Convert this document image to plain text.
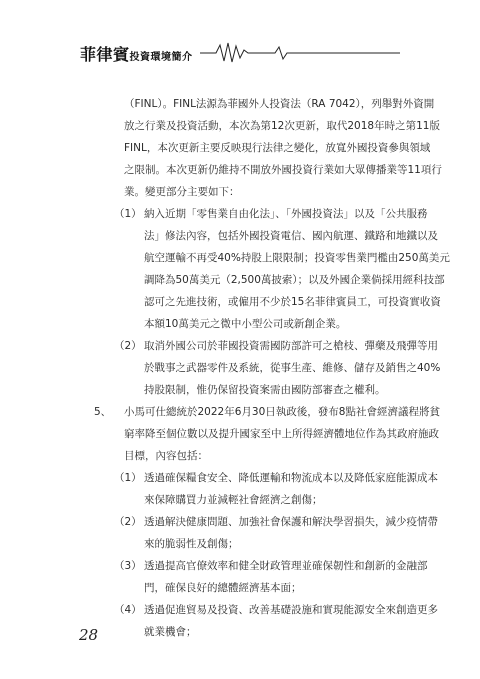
菲律賓投資環境簡介
（FINL）。FINL法源為菲國外人投資法（RA 7042），列舉對外資開
放之行業及投資活動，本次為第12次更新，取代2018年時之第11版
FINL，本次更新主要反映現行法律之變化，放寬外國投資參與領域
之限制。本次更新仍維持不開放外國投資行業如大眾傳播業等11項行
業。變更部分主要如下：
（1） 納入近期「零售業自由化法」、「外國投資法」以及「公共服務
法」修法內容，包括外國投資電信、國內航運、鐵路和地鐵以及
航空運輸不再受40%持股上限限制；投資零售業門檻由250萬美元
調降為50萬美元（2,500萬披索）；以及外國企業倘採用經科技部
認可之先進技術，或僱用不少於15名菲律賓員工，可投資實收資
本額10萬美元之微中小型公司或新創企業。
（2） 取消外國公司於菲國投資需國防部許可之槍枝、彈藥及飛彈等用
於戰事之武器零件及系統，從事生產、維修、儲存及銷售之40%
持股限制，惟仍保留投資案需由國防部審查之權利。
5、 小馬可仕總統於2022年6月30日執政後，發布8點社會經濟議程將貧
窮率降至個位數以及提升國家至中上所得經濟體地位作為其政府施政
目標，內容包括：
（1） 透過確保糧食安全、降低運輸和物流成本以及降低家庭能源成本
來保障購買力並減輕社會經濟之創傷；
（2） 透過解決健康問題、加強社會保護和解決學習損失，減少疫情帶
來的脆弱性及創傷；
（3） 透過提高官僚效率和健全財政管理並確保韌性和創新的金融部
門，確保良好的總體經濟基本面；
（4） 透過促進貿易及投資、改善基礎設施和實現能源安全來創造更多
就業機會；
28
